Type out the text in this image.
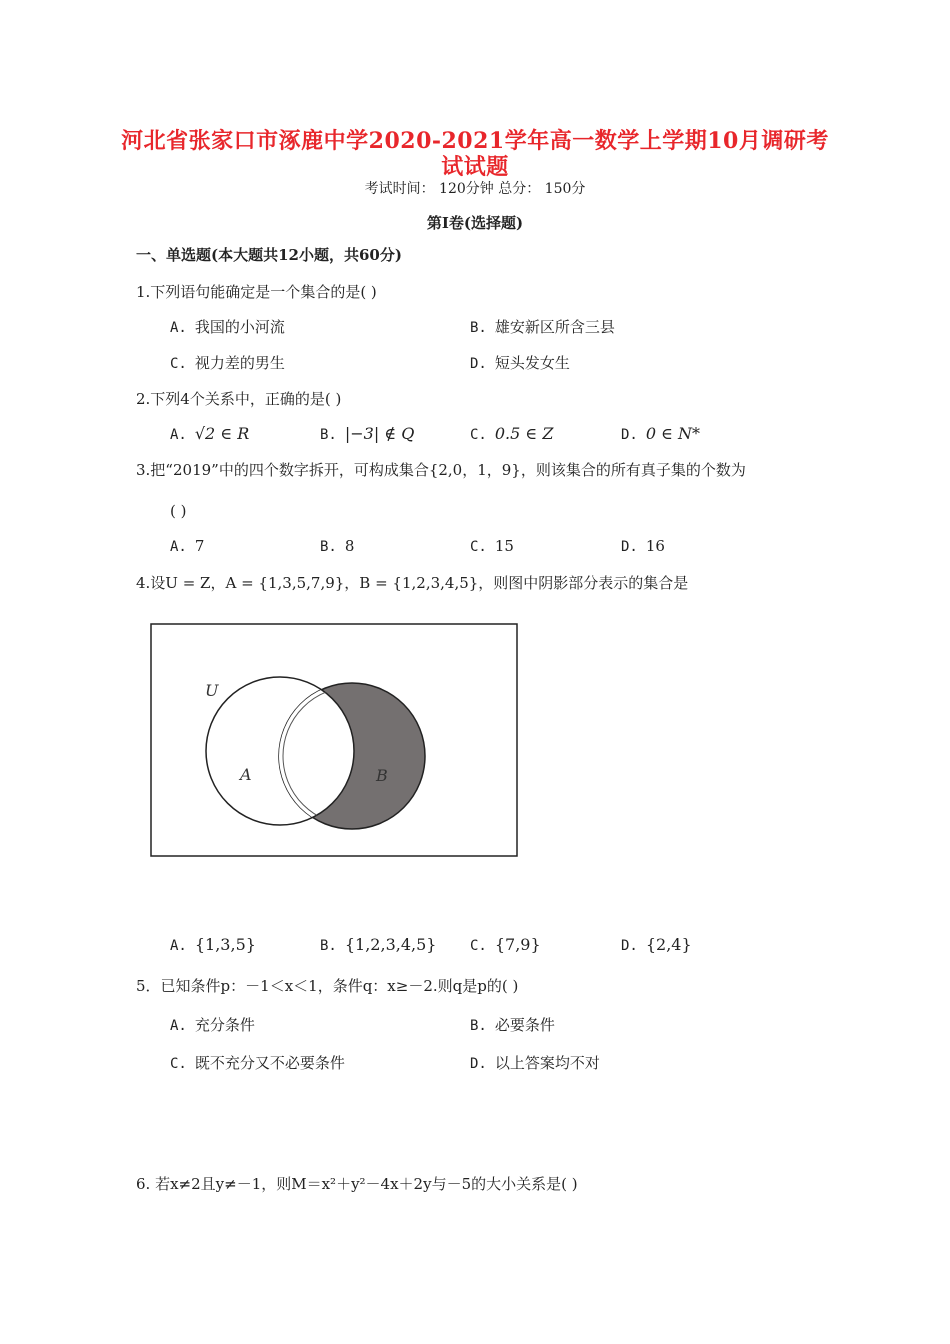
河北省张家口市涿鹿中学2020-2021学年高一数学上学期10月调研考
试试题
考试时间： 120分钟 总分： 150分
第I卷(选择题)
一、单选题(本大题共12小题，共60分)
1.下列语句能确定是一个集合的是( )
A. 我国的小河流	B. 雄安新区所含三县
C. 视力差的男生	D. 短头发女生
2.下列4个关系中，正确的是( )
A. √2 ∈ R	B. |−3| ∉ Q	C. 0.5 ∈ Z	D. 0 ∈ N*
3.把“2019”中的四个数字拆开，可构成集合{2,0，1，9}，则该集合的所有真子集的个数为
( )
A. 7	B. 8	C. 15	D. 16
4.设U = Z，A = {1,3,5,7,9}，B = {1,2,3,4,5}，则图中阴影部分表示的集合是
U
A	B
A. {1,3,5}	B. {1,2,3,4,5} C. {7,9}	D. {2,4}
5．已知条件p：－1＜x＜1，条件q：x≥－2.则q是p的( )
A. 充分条件	B. 必要条件
C. 既不充分又不必要条件	D. 以上答案均不对
6. 若x≠2且y≠－1，则M＝x²＋y²－4x＋2y与－5的大小关系是( )
